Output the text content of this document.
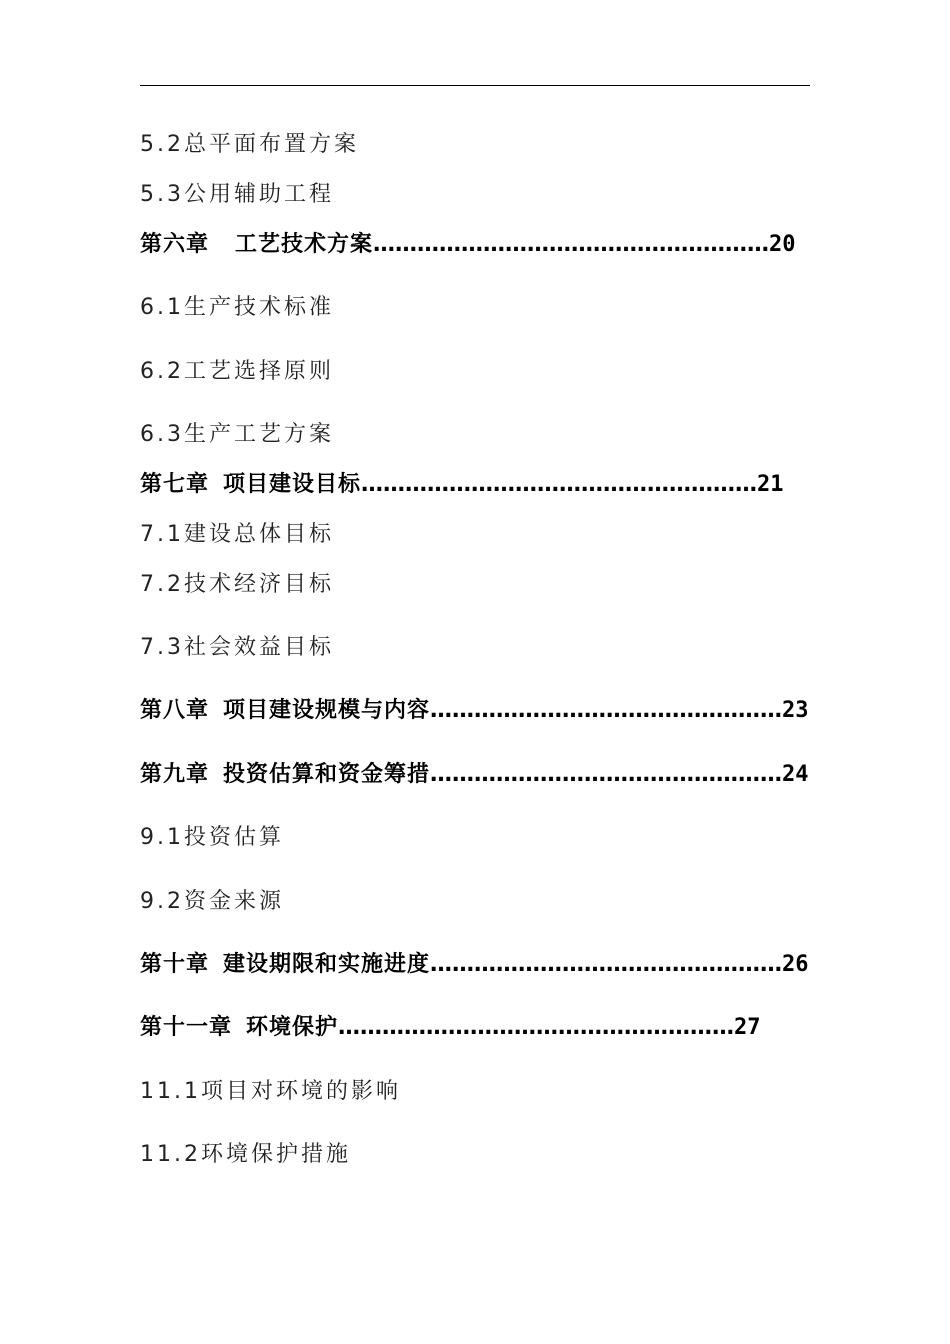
5.2总平面布置方案
5.3公用辅助工程
第六章 工艺技术方案………………………………………………20
6.1生产技术标准
6.2工艺选择原则
6.3生产工艺方案
第七章 项目建设目标………………………………………………21
7.1建设总体目标
7.2技术经济目标
7.3社会效益目标
第八章 项目建设规模与内容…………………………………………23
第九章 投资估算和资金筹措…………………………………………24
9.1投资估算
9.2资金来源
第十章 建设期限和实施进度…………………………………………26
第十一章 环境保护………………………………………………27
11.1项目对环境的影响
11.2环境保护措施
